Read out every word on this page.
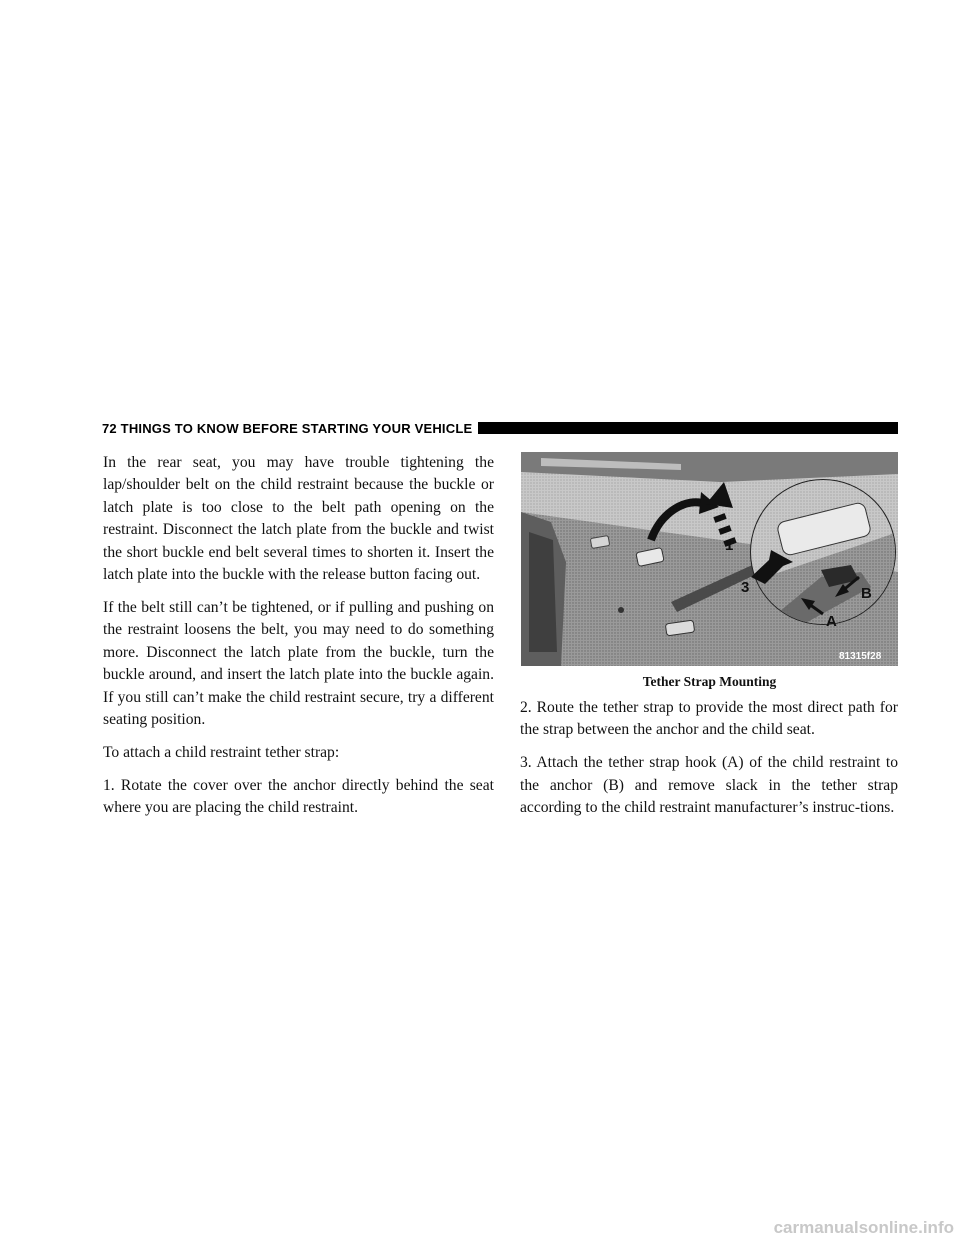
72 THINGS TO KNOW BEFORE STARTING YOUR VEHICLE

In the rear seat, you may have trouble tightening the lap/shoulder belt on the child restraint because the buckle or latch plate is too close to the belt path opening on the restraint. Disconnect the latch plate from the buckle and twist the short buckle end belt several times to shorten it. Insert the latch plate into the buckle with the release button facing out.

If the belt still can’t be tightened, or if pulling and pushing on the restraint loosens the belt, you may need to do something more. Disconnect the latch plate from the buckle, turn the buckle around, and insert the latch plate into the buckle again. If you still can’t make the child restraint secure, try a different seating position.

To attach a child restraint tether strap:

1. Rotate the cover over the anchor directly behind the seat where you are placing the child restraint.

1
3
A
B
81315f28
Tether Strap Mounting

2. Route the tether strap to provide the most direct path for the strap between the anchor and the child seat.

3. Attach the tether strap hook (A) of the child restraint to the anchor (B) and remove slack in the tether strap according to the child restraint manufacturer’s instruc-tions.

carmanualsonline.info
